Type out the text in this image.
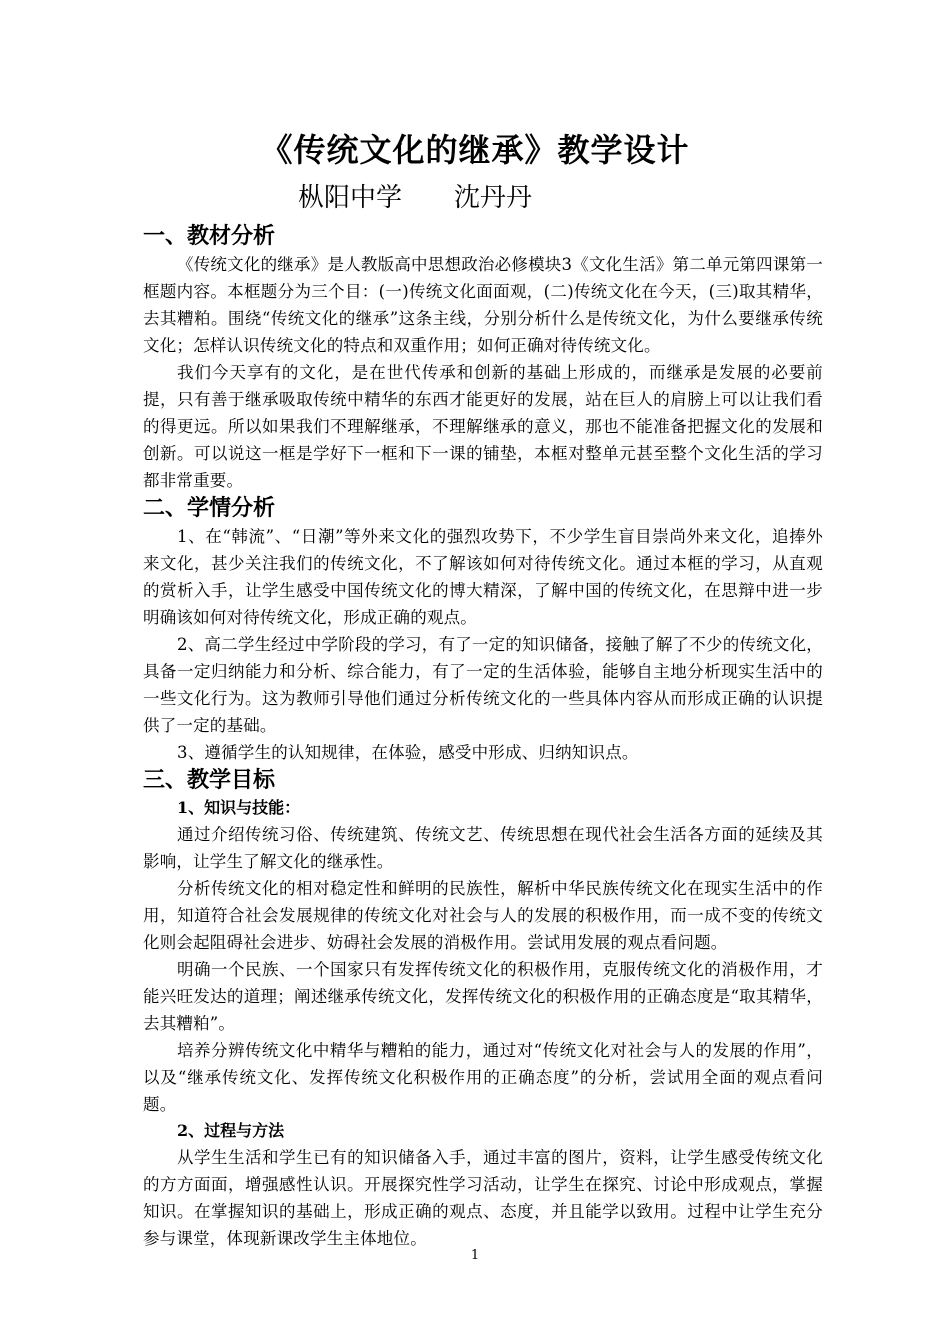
《传统文化的继承》教学设计
枞阳中学 沈丹丹
一、教材分析

《传统文化的继承》是人教版高中思想政治必修模块3《文化生活》第二单元第四课第一框题内容。本框题分为三个目：(一)传统文化面面观，(二)传统文化在今天，(三)取其精华，去其糟粕。围绕“传统文化的继承”这条主线，分别分析什么是传统文化，为什么要继承传统文化；怎样认识传统文化的特点和双重作用；如何正确对待传统文化。

我们今天享有的文化，是在世代传承和创新的基础上形成的，而继承是发展的必要前提，只有善于继承吸取传统中精华的东西才能更好的发展，站在巨人的肩膀上可以让我们看的得更远。所以如果我们不理解继承，不理解继承的意义，那也不能准备把握文化的发展和创新。可以说这一框是学好下一框和下一课的铺垫，本框对整单元甚至整个文化生活的学习都非常重要。

二、学情分析

1、在“韩流”、“日潮”等外来文化的强烈攻势下，不少学生盲目崇尚外来文化，追捧外来文化，甚少关注我们的传统文化，不了解该如何对待传统文化。通过本框的学习，从直观的赏析入手，让学生感受中国传统文化的博大精深，了解中国的传统文化，在思辩中进一步明确该如何对待传统文化，形成正确的观点。

2、高二学生经过中学阶段的学习，有了一定的知识储备，接触了解了不少的传统文化，具备一定归纳能力和分析、综合能力，有了一定的生活体验，能够自主地分析现实生活中的一些文化行为。这为教师引导他们通过分析传统文化的一些具体内容从而形成正确的认识提供了一定的基础。

3、遵循学生的认知规律，在体验，感受中形成、归纳知识点。

三、教学目标
1、知识与技能：

通过介绍传统习俗、传统建筑、传统文艺、传统思想在现代社会生活各方面的延续及其影响，让学生了解文化的继承性。

分析传统文化的相对稳定性和鲜明的民族性，解析中华民族传统文化在现实生活中的作用，知道符合社会发展规律的传统文化对社会与人的发展的积极作用，而一成不变的传统文化则会起阻碍社会进步、妨碍社会发展的消极作用。尝试用发展的观点看问题。

明确一个民族、一个国家只有发挥传统文化的积极作用，克服传统文化的消极作用，才能兴旺发达的道理；阐述继承传统文化，发挥传统文化的积极作用的正确态度是“取其精华，去其糟粕”。

培养分辨传统文化中精华与糟粕的能力，通过对“传统文化对社会与人的发展的作用”，以及“继承传统文化、发挥传统文化积极作用的正确态度”的分析，尝试用全面的观点看问题。

2、过程与方法

从学生生活和学生已有的知识储备入手，通过丰富的图片，资料，让学生感受传统文化的方方面面，增强感性认识。开展探究性学习活动，让学生在探究、讨论中形成观点，掌握知识。在掌握知识的基础上，形成正确的观点、态度，并且能学以致用。过程中让学生充分参与课堂，体现新课改学生主体地位。

1
